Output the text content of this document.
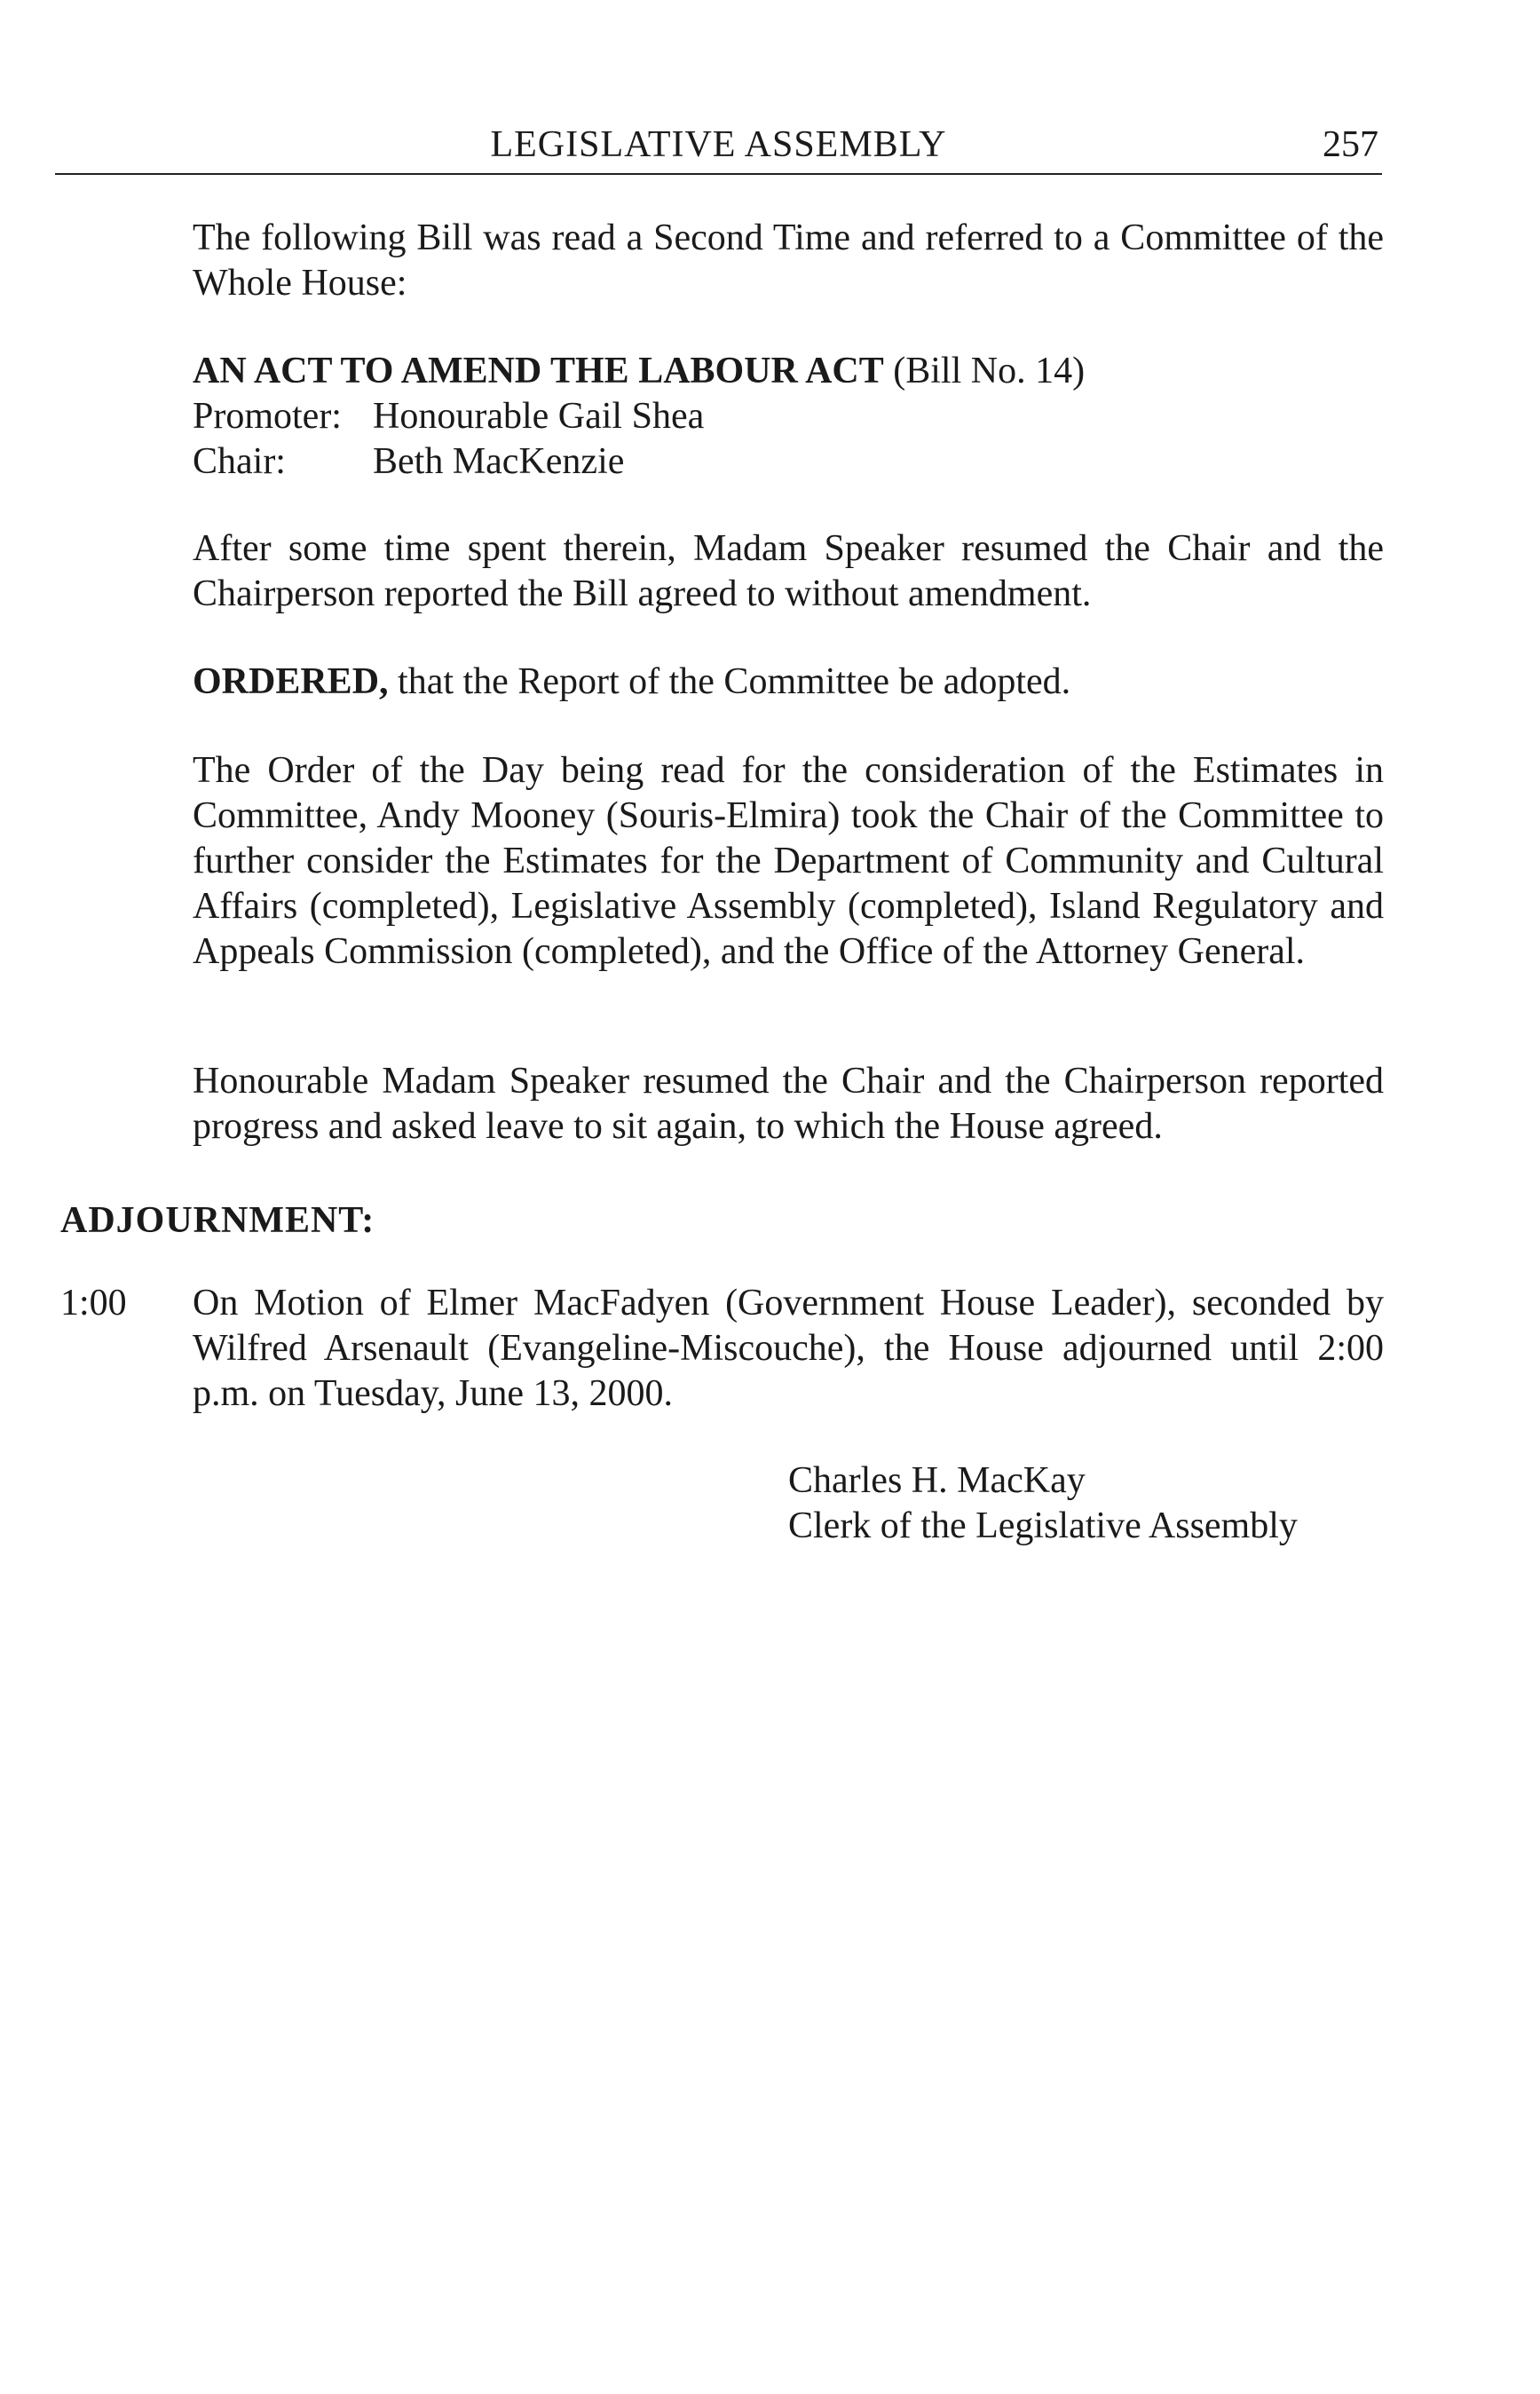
LEGISLATIVE ASSEMBLY	257

The following Bill was read a Second Time and referred to a Committee of the Whole House:

AN ACT TO AMEND THE LABOUR ACT (Bill No. 14)
Promoter: Honourable Gail Shea
Chair: Beth MacKenzie

After some time spent therein, Madam Speaker resumed the Chair and the Chairperson reported the Bill agreed to without amendment.

ORDERED, that the Report of the Committee be adopted.

The Order of the Day being read for the consideration of the Estimates in Committee, Andy Mooney (Souris-Elmira) took the Chair of the Committee to further consider the Estimates for the Department of Community and Cultural Affairs (completed), Legislative Assembly (completed), Island Regulatory and Appeals Commission (completed), and the Office of the Attorney General.

Honourable Madam Speaker resumed the Chair and the Chairperson reported progress and asked leave to sit again, to which the House agreed.

ADJOURNMENT:

1:00 On Motion of Elmer MacFadyen (Government House Leader), seconded by Wilfred Arsenault (Evangeline-Miscouche), the House adjourned until 2:00 p.m. on Tuesday, June 13, 2000.

Charles H. MacKay
Clerk of the Legislative Assembly
